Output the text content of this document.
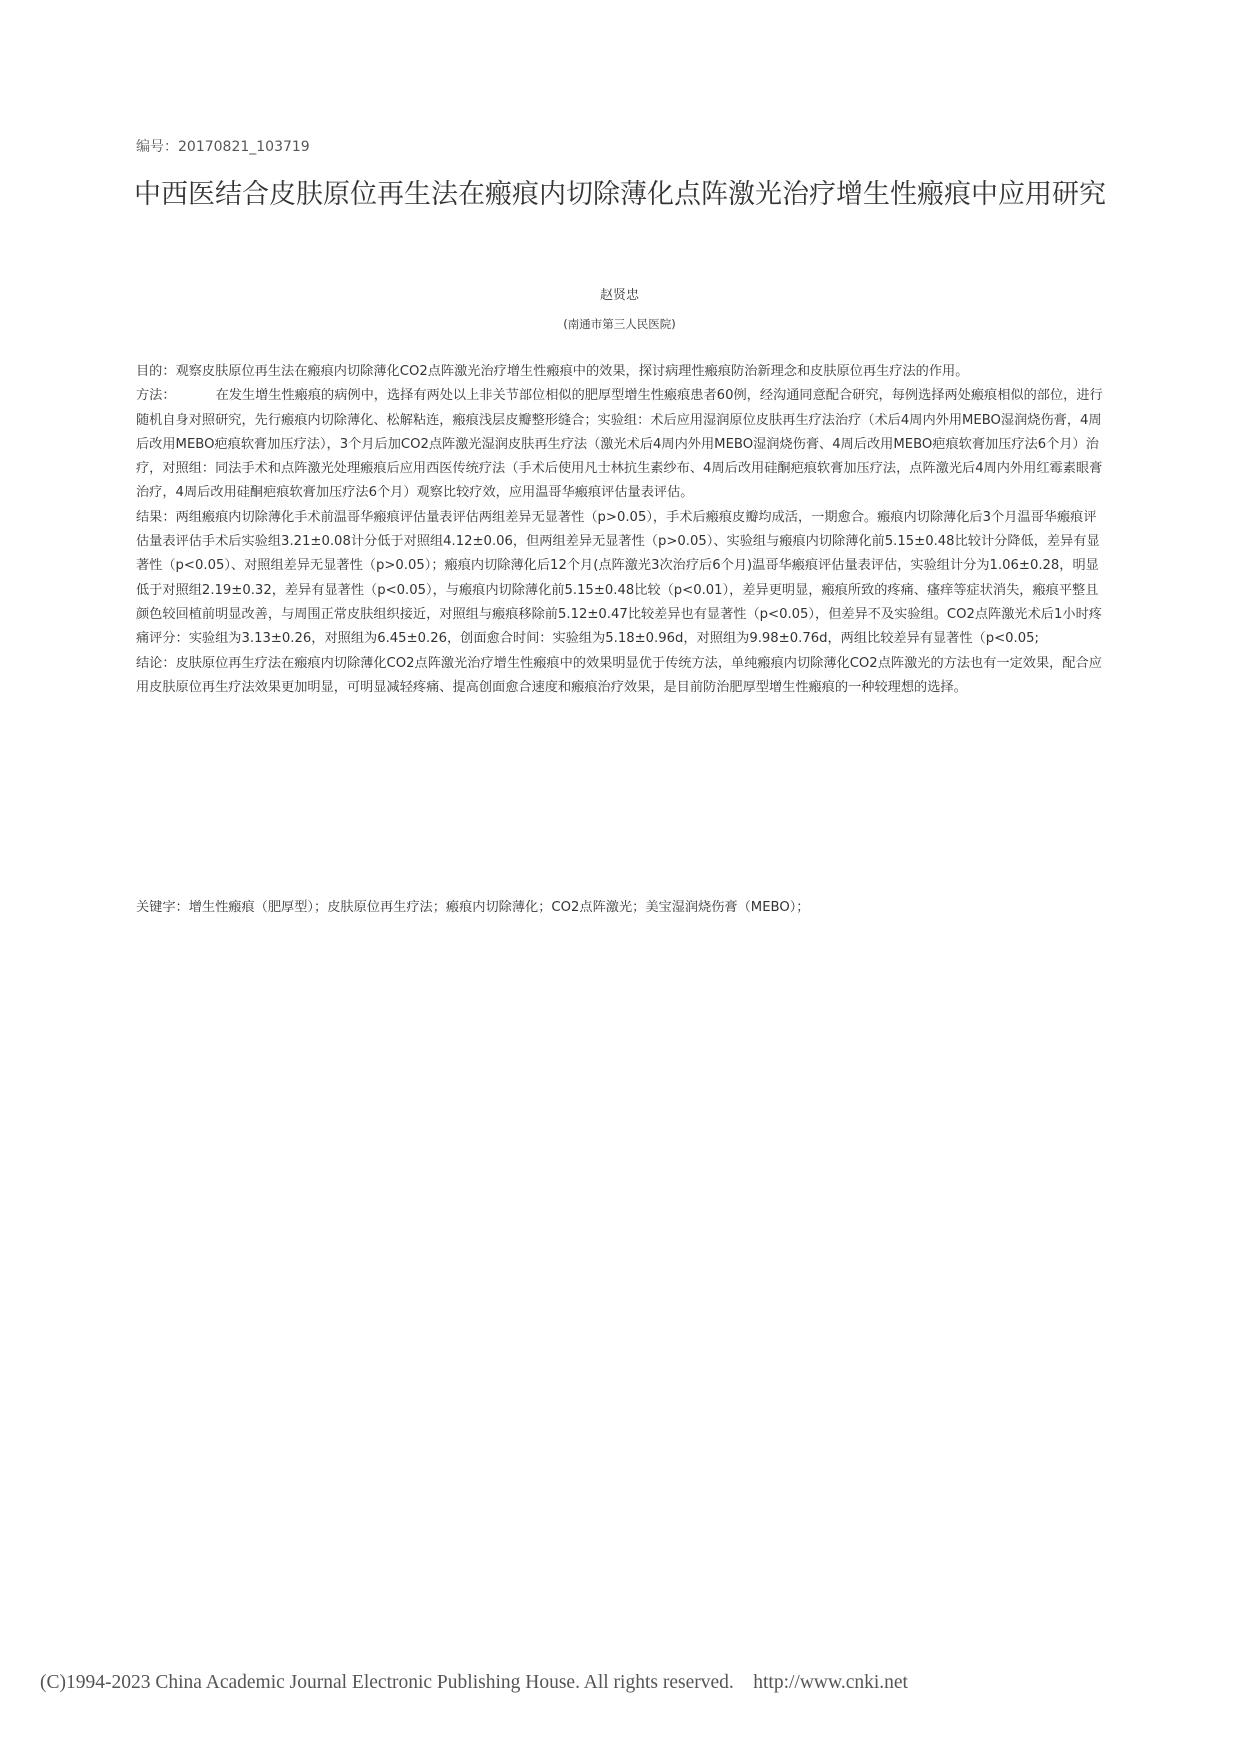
编号：20170821_103719
中西医结合皮肤原位再生法在瘢痕内切除薄化点阵激光治疗增生性瘢痕中应用研究
赵贤忠
(南通市第三人民医院)

目的：观察皮肤原位再生法在瘢痕内切除薄化CO2点阵激光治疗增生性瘢痕中的效果，探讨病理性瘢痕防治新理念和皮肤原位再生疗法的作用。

方法：	在发生增生性瘢痕的病例中，选择有两处以上非关节部位相似的肥厚型增生性瘢痕患者60例，经沟通同意配合研究，每例选择两处瘢痕相似的部位，进行随机自身对照研究，先行瘢痕内切除薄化、松解粘连，瘢痕浅层皮瓣整形缝合；实验组：术后应用湿润原位皮肤再生疗法治疗（术后4周内外用MEBO湿润烧伤膏，4周后改用MEBO疤痕软膏加压疗法），3个月后加CO2点阵激光湿润皮肤再生疗法（激光术后4周内外用MEBO湿润烧伤膏、4周后改用MEBO疤痕软膏加压疗法6个月）治疗，对照组：同法手术和点阵激光处理瘢痕后应用西医传统疗法（手术后使用凡士林抗生素纱布、4周后改用硅酮疤痕软膏加压疗法，点阵激光后4周内外用红霉素眼膏治疗，4周后改用硅酮疤痕软膏加压疗法6个月）观察比较疗效，应用温哥华瘢痕评估量表评估。

结果：两组瘢痕内切除薄化手术前温哥华瘢痕评估量表评估两组差异无显著性（p>0.05），手术后瘢痕皮瓣均成活，一期愈合。瘢痕内切除薄化后3个月温哥华瘢痕评估量表评估手术后实验组3.21±0.08计分低于对照组4.12±0.06，但两组差异无显著性（p>0.05）、实验组与瘢痕内切除薄化前5.15±0.48比较计分降低，差异有显著性（p<0.05）、对照组差异无显著性（p>0.05）；瘢痕内切除薄化后12个月(点阵激光3次治疗后6个月)温哥华瘢痕评估量表评估，实验组计分为1.06±0.28，明显低于对照组2.19±0.32，差异有显著性（p<0.05），与瘢痕内切除薄化前5.15±0.48比较（p<0.01），差异更明显，瘢痕所致的疼痛、瘙痒等症状消失，瘢痕平整且颜色较回植前明显改善，与周围正常皮肤组织接近，对照组与瘢痕移除前5.12±0.47比较差异也有显著性（p<0.05），但差异不及实验组。CO2点阵激光术后1小时疼痛评分：实验组为3.13±0.26，对照组为6.45±0.26，创面愈合时间：实验组为5.18±0.96d，对照组为9.98±0.76d，两组比较差异有显著性（p<0.05;

结论：皮肤原位再生疗法在瘢痕内切除薄化CO2点阵激光治疗增生性瘢痕中的效果明显优于传统方法，单纯瘢痕内切除薄化CO2点阵激光的方法也有一定效果，配合应用皮肤原位再生疗法效果更加明显，可明显减轻疼痛、提高创面愈合速度和瘢痕治疗效果，是目前防治肥厚型增生性瘢痕的一种较理想的选择。

关键字：增生性瘢痕（肥厚型）；皮肤原位再生疗法；瘢痕内切除薄化；CO2点阵激光；美宝湿润烧伤膏（MEBO）；
(C)1994-2023 China Academic Journal Electronic Publishing House. All rights reserved.    http://www.cnki.net
